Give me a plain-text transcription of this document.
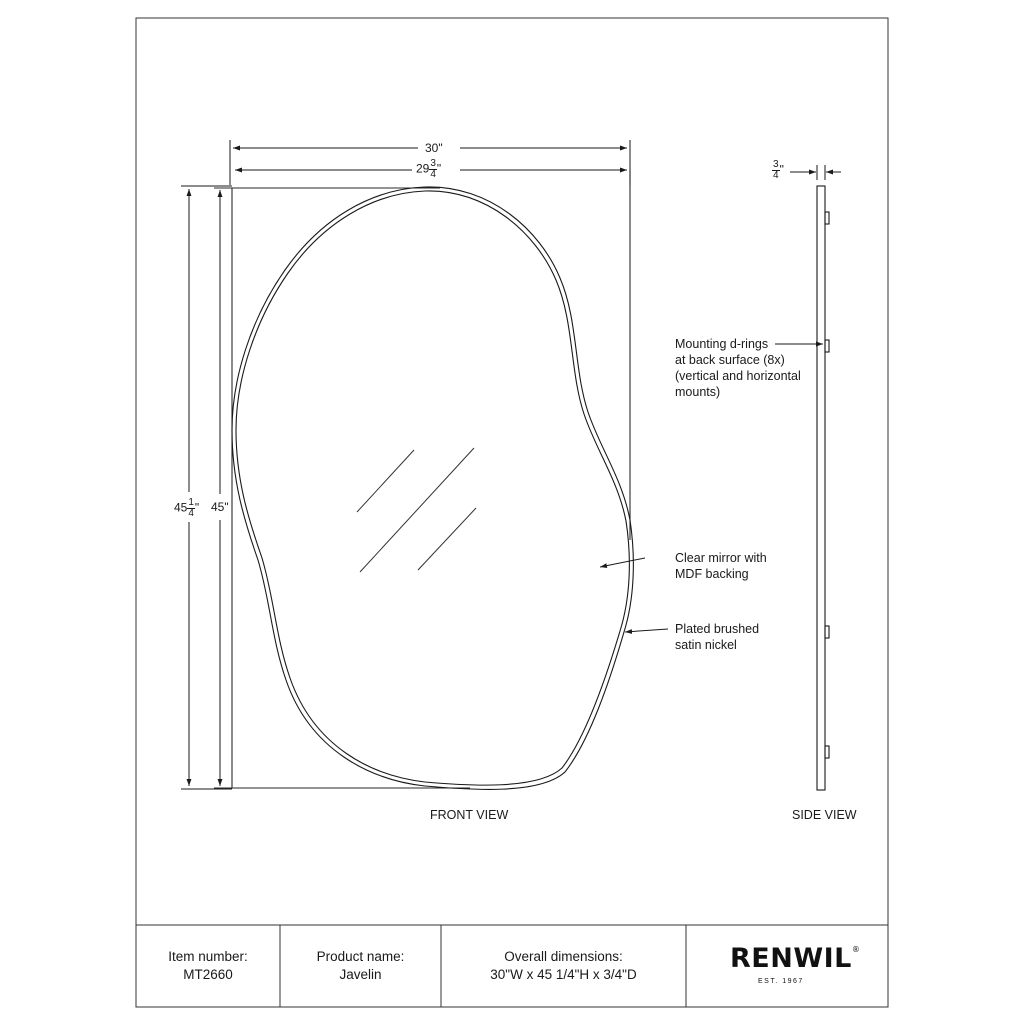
30"
$29 \frac{3}{4}$ "
$45 \frac{1}{4}$ " 45"
$\frac{3}{4}$ "
Mounting d-rings
at back surface (8x)
(vertical and horizontal
mounts)
Clear mirror with
MDF backing
Plated brushed
satin nickel
FRONT VIEW	SIDE VIEW
Item number:
MT2660
Product name:
Javelin
Overall dimensions:
30"W x 45 1/4"H x 3/4"D
RENWIL®
EST. 1967
